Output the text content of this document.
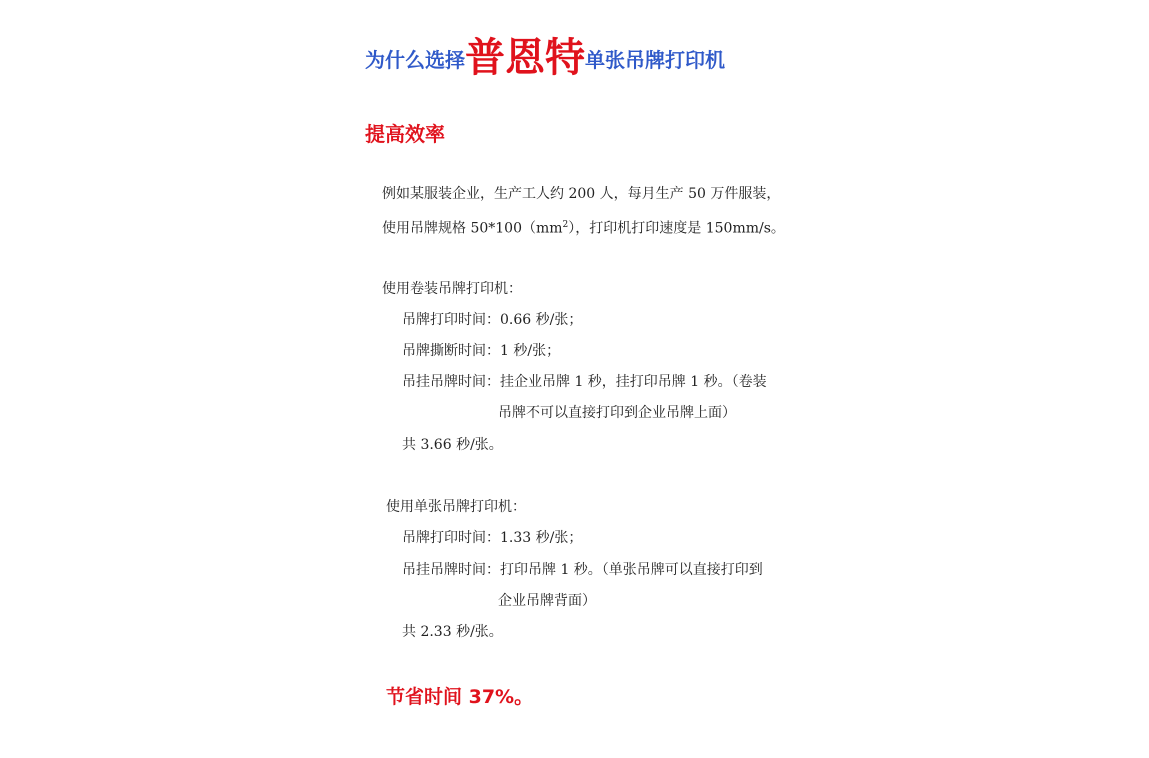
为什么选择普恩特单张吊牌打印机
提高效率
例如某服装企业，生产工人约 200 人，每月生产 50 万件服装，
使用吊牌规格 $50*100(mm^2)$，打印机打印速度是 150mm/s。
使用卷装吊牌打印机：
吊牌打印时间：0.66 秒/张；
吊牌撕断时间：1 秒/张；
吊挂吊牌时间：挂企业吊牌 1 秒，挂打印吊牌 1 秒。（卷装
吊牌不可以直接打印到企业吊牌上面）
共 3.66 秒/张。
使用单张吊牌打印机：
吊牌打印时间：1.33 秒/张；
吊挂吊牌时间：打印吊牌 1 秒。（单张吊牌可以直接打印到
企业吊牌背面）
共 2.33 秒/张。
节省时间 37%。
